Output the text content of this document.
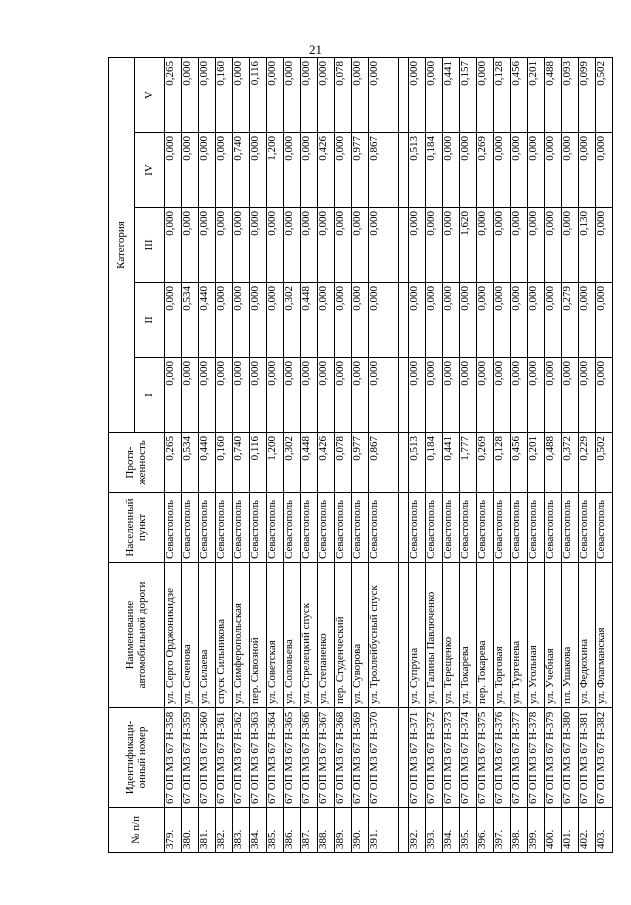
21
№ п/п	Идентификаци-онный номер	Наименование автомобильной дороги	Населенный пункт	Протя-женность	Категория				
					I	II	III	IV	V
379.	67 ОП М3 67 Н-358	ул. Серго Орджоникидзе	Севастополь	0,265	0,000	0,000	0,000	0,000	0,265
380.	67 ОП М3 67 Н-359	ул. Сеченова	Севастополь	0,534	0,000	0,534	0,000	0,000	0,000
381.	67 ОП М3 67 Н-360	ул. Силаева	Севастополь	0,440	0,000	0,440	0,000	0,000	0,000
382.	67 ОП М3 67 Н-361	спуск Сильникова	Севастополь	0,160	0,000	0,000	0,000	0,000	0,160
383.	67 ОП М3 67 Н-362	ул. Симферопольская	Севастополь	0,740	0,000	0,000	0,000	0,740	0,000
384.	67 ОП М3 67 Н-363	пер. Сквозной	Севастополь	0,116	0,000	0,000	0,000	0,000	0,116
385.	67 ОП М3 67 Н-364	ул. Советская	Севастополь	1,200	0,000	0,000	0,000	1,200	0,000
386.	67 ОП М3 67 Н-365	ул. Соловьева	Севастополь	0,302	0,000	0,302	0,000	0,000	0,000
387.	67 ОП М3 67 Н-366	ул. Стрелецкий спуск	Севастополь	0,448	0,000	0,448	0,000	0,000	0,000
388.	67 ОП М3 67 Н-367	ул. Степаненко	Севастополь	0,426	0,000	0,000	0,000	0,426	0,000
389.	67 ОП М3 67 Н-368	пер. Студенческий	Севастополь	0,078	0,000	0,000	0,000	0,000	0,078
390.	67 ОП М3 67 Н-369	ул. Суворова	Севастополь	0,977	0,000	0,000	0,000	0,977	0,000
391.	67 ОП М3 67 Н-370	ул. Троллейбусный спуск	Севастополь	0,867	0,000	0,000	0,000	0,867	0,000

392.	67 ОП М3 67 Н-371	ул. Супруна	Севастополь	0,513	0,000	0,000	0,000	0,513	0,000
393.	67 ОП М3 67 Н-372	ул. Галины Павлюченко	Севастополь	0,184	0,000	0,000	0,000	0,184	0,000
394.	67 ОП М3 67 Н-373	ул. Терещенко	Севастополь	0,441	0,000	0,000	0,000	0,000	0,441
395.	67 ОП М3 67 Н-374	ул. Токарева	Севастополь	1,777	0,000	0,000	1,620	0,000	0,157
396.	67 ОП М3 67 Н-375	пер. Токарева	Севастополь	0,269	0,000	0,000	0,000	0,269	0,000
397.	67 ОП М3 67 Н-376	ул. Торговая	Севастополь	0,128	0,000	0,000	0,000	0,000	0,128
398.	67 ОП М3 67 Н-377	ул. Тургенева	Севастополь	0,456	0,000	0,000	0,000	0,000	0,456
399.	67 ОП М3 67 Н-378	ул. Угольная	Севастополь	0,201	0,000	0,000	0,000	0,000	0,201
400.	67 ОП М3 67 Н-379	ул. Учебная	Севастополь	0,488	0,000	0,000	0,000	0,000	0,488
401.	67 ОП М3 67 Н-380	пл. Ушакова	Севастополь	0,372	0,000	0,279	0,000	0,000	0,093
402.	67 ОП М3 67 Н-381	ул. Федюхина	Севастополь	0,229	0,000	0,000	0,130	0,000	0,099
403.	67 ОП М3 67 Н-382	ул. Флагманская	Севастополь	0,502	0,000	0,000	0,000	0,000	0,502
